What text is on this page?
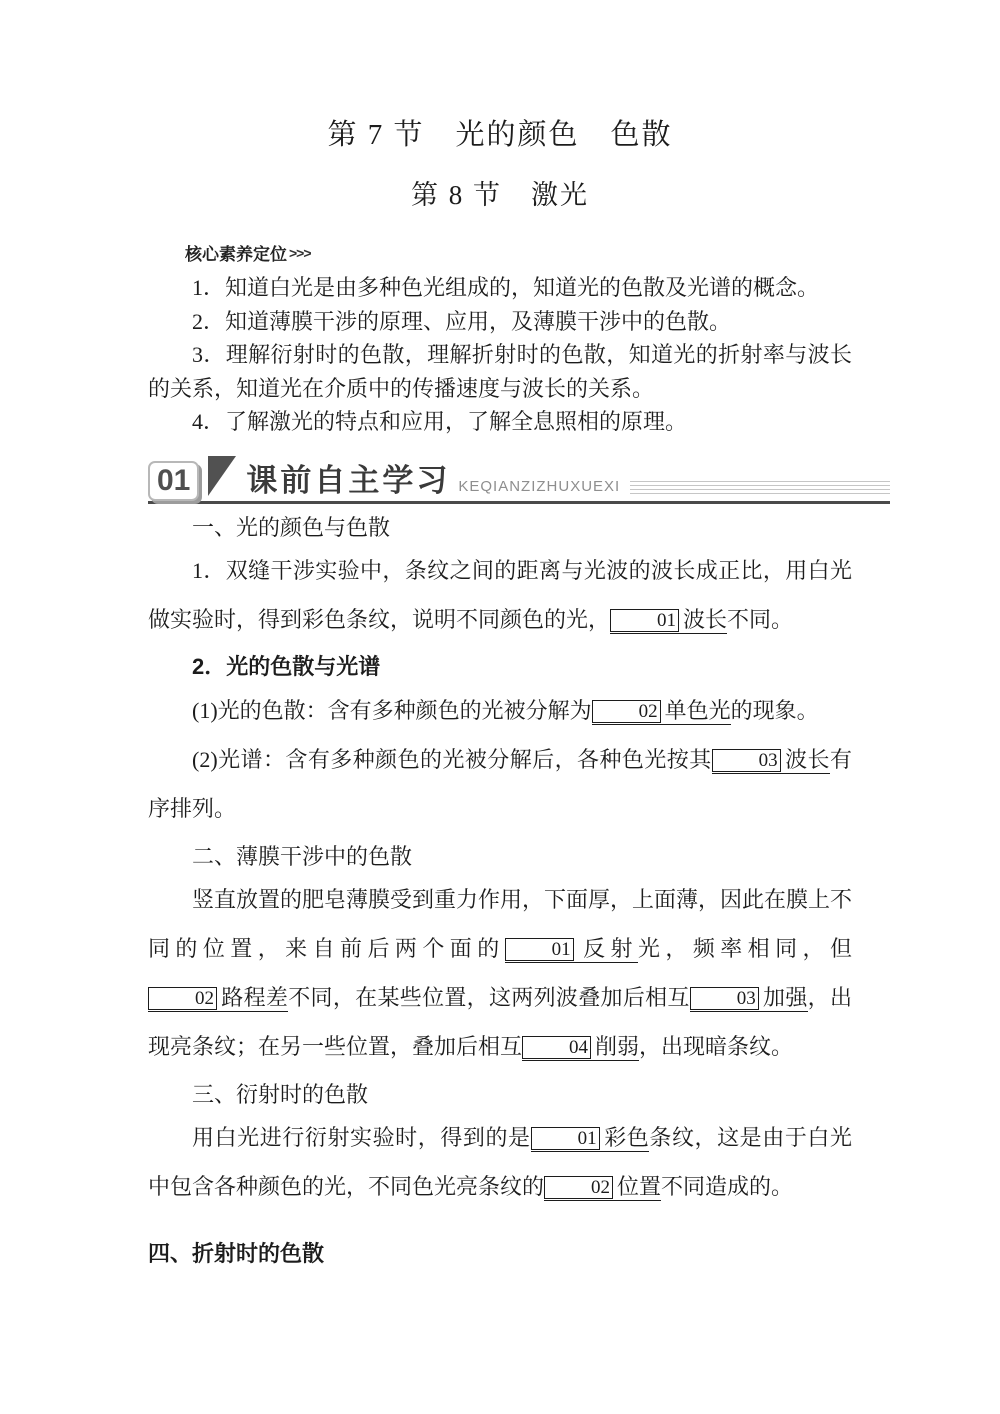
第 7 节　光的颜色　色散
第 8 节　激光
核心素养定位 >>>

1．知道白光是由多种色光组成的，知道光的色散及光谱的概念。

2．知道薄膜干涉的原理、应用，及薄膜干涉中的色散。

3．理解衍射时的色散，理解折射时的色散，知道光的折射率与波长的关系，知道光在介质中的传播速度与波长的关系。

4．了解激光的特点和应用，了解全息照相的原理。

01 课前自主学习 KEQIANZIZHUXUEXI

一、光的颜色与色散

1．双缝干涉实验中，条纹之间的距离与光波的波长成正比，用白光做实验时，得到彩色条纹，说明不同颜色的光， 01 波长不同。

2．光的色散与光谱

(1)光的色散：含有多种颜色的光被分解为 02 单色光的现象。

(2)光谱：含有多种颜色的光被分解后，各种色光按其 03 波长有序排列。

二、薄膜干涉中的色散

竖直放置的肥皂薄膜受到重力作用，下面厚，上面薄，因此在膜上不同的位置，来自前后两个面的 01 反射光，频率相同，但02 路程差不同，在某些位置，这两列波叠加后相互 03 加强，出现亮条纹；在另一些位置，叠加后相互 04 削弱，出现暗条纹。

三、衍射时的色散

用白光进行衍射实验时，得到的是 01 彩色条纹，这是由于白光中包含各种颜色的光，不同色光亮条纹的 02 位置不同造成的。

四、折射时的色散
